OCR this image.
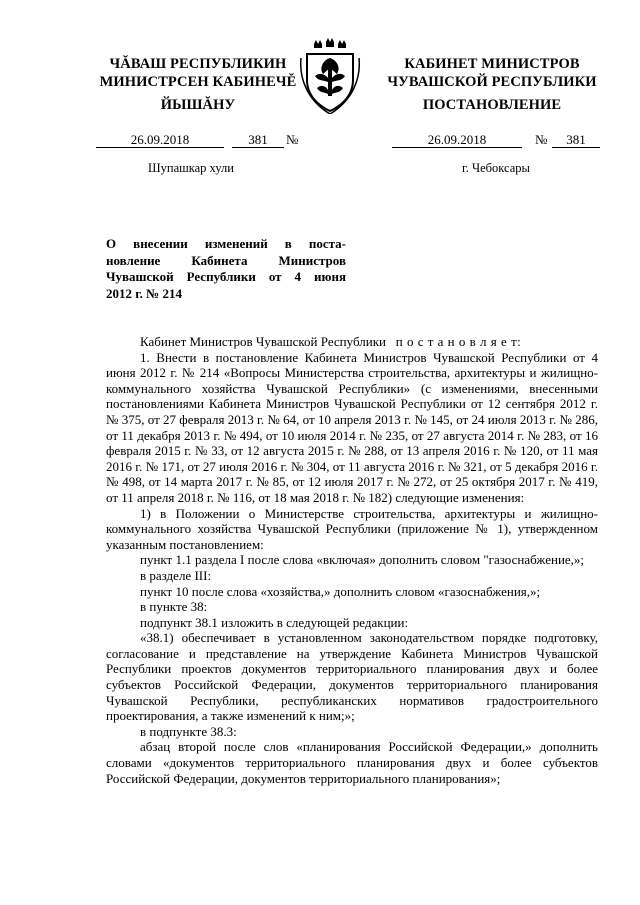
ЧĂВАШ РЕСПУБЛИКИН
МИНИСТРСЕН КАБИНЕЧĔ
ЙЫШĂНУ
КАБИНЕТ МИНИСТРОВ
ЧУВАШСКОЙ РЕСПУБЛИКИ
ПОСТАНОВЛЕНИЕ
26.09.2018	381	№	26.09.2018	№	381
Шупашкар хули	г. Чебоксары
О внесении изменений в поста-
новление Кабинета Министров
Чувашской Республики от 4 июня
2012 г. № 214

Кабинет Министров Чувашской Республики п о с т а н о в л я е т:

1. Внести в постановление Кабинета Министров Чувашской Республики от 4 июня 2012 г. № 214 «Вопросы Министерства строительства, архитектуры и жилищно-коммунального хозяйства Чувашской Республики» (с изменениями, внесенными постановлениями Кабинета Министров Чувашской Республики от 12 сентября 2012 г. № 375, от 27 февраля 2013 г. № 64, от 10 апреля 2013 г. № 145, от 24 июля 2013 г. № 286, от 11 декабря 2013 г. № 494, от 10 июля 2014 г. № 235, от 27 августа 2014 г. № 283, от 16 февраля 2015 г. № 33, от 12 августа 2015 г. № 288, от 13 апреля 2016 г. № 120, от 11 мая 2016 г. № 171, от 27 июля 2016 г. № 304, от 11 августа 2016 г. № 321, от 5 декабря 2016 г. № 498, от 14 марта 2017 г. № 85, от 12 июля 2017 г. № 272, от 25 октября 2017 г. № 419, от 11 апреля 2018 г. № 116, от 18 мая 2018 г. № 182) следующие изменения:

1) в Положении о Министерстве строительства, архитектуры и жилищно-коммунального хозяйства Чувашской Республики (приложение № 1), утвержденном указанным постановлением:

пункт 1.1 раздела I после слова «включая» дополнить словом "газоснабжение,»;

в разделе III:

пункт 10 после слова «хозяйства,» дополнить словом «газоснабжения,»;

в пункте 38:

подпункт 38.1 изложить в следующей редакции:

«38.1) обеспечивает в установленном законодательством порядке подготовку, согласование и представление на утверждение Кабинета Министров Чувашской Республики проектов документов территориального планирования двух и более субъектов Российской Федерации, документов территориального планирования Чувашской Республики, республиканских нормативов градостроительного проектирования, а также изменений к ним;»;

в подпункте 38.3:

абзац второй после слов «планирования Российской Федерации,» дополнить словами «документов территориального планирования двух и более субъектов Российской Федерации, документов территориального планирования»;
